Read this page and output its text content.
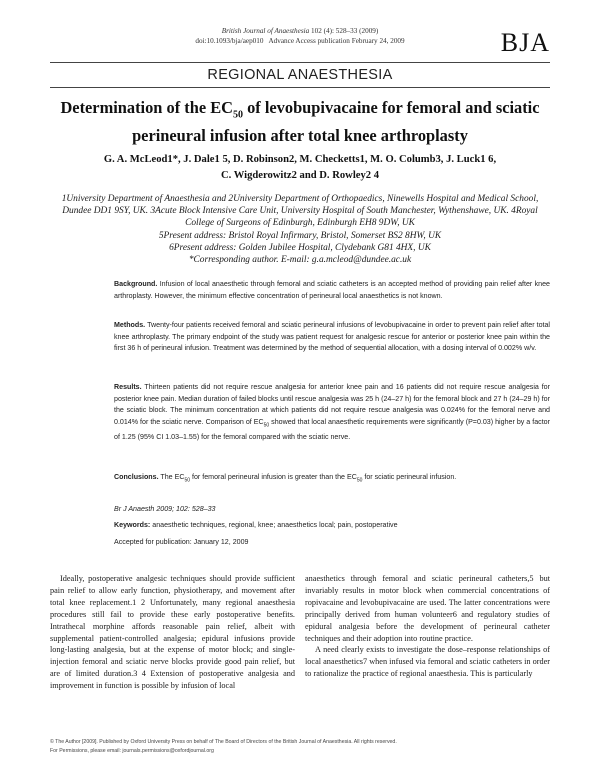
British Journal of Anaesthesia 102 (4): 528–33 (2009)
doi:10.1093/bja/aep010 Advance Access publication February 24, 2009	BJA
REGIONAL ANAESTHESIA
Determination of the $EC_{50}$ of levobupivacaine for femoral and sciatic perineural infusion after total knee arthroplasty
G. A. McLeod1*, J. Dale1 5, D. Robinson2, M. Checketts1, M. O. Columb3, J. Luck1 6,
C. Wigderowitz2 and D. Rowley2 4
1University Department of Anaesthesia and 2University Department of Orthopaedics, Ninewells Hospital and Medical School, Dundee DD1 9SY, UK. 3Acute Block Intensive Care Unit, University Hospital of South Manchester, Wythenshawe, UK. 4Royal College of Surgeons of Edinburgh, Edinburgh EH8 9DW, UK
5Present address: Bristol Royal Infirmary, Bristol, Somerset BS2 8HW, UK
6Present address: Golden Jubilee Hospital, Clydebank G81 4HX, UK
*Corresponding author. E-mail: g.a.mcleod@dundee.ac.uk
Background. Infusion of local anaesthetic through femoral and sciatic catheters is an accepted method of providing pain relief after knee arthroplasty. However, the minimum effective concentration of perineural local anaesthetics is not known.
Methods. Twenty-four patients received femoral and sciatic perineural infusions of levobupivacaine in order to prevent pain relief after total knee arthroplasty. The primary endpoint of the study was patient request for analgesic rescue for anterior or posterior knee pain within the first 36 h of perineural infusion. Treatment was determined by the method of sequential allocation, with a dosing interval of 0.002% w/v.
Results. Thirteen patients did not require rescue analgesia for anterior knee pain and 16 patients did not require rescue analgesia for posterior knee pain. Median duration of failed blocks until rescue analgesia was 25 h (24–27 h) for the femoral block and 27 h (24–29 h) for the sciatic block. The minimum concentration at which patients did not require rescue analgesia was 0.024% for the femoral nerve and 0.014% for the sciatic nerve. Comparison of $EC_{50}$ showed that local anaesthetic requirements were significantly (P=0.03) higher by a factor of 1.25 (95% CI 1.03–1.55) for the femoral compared with the sciatic nerve.
Conclusions. The $EC_{50}$ for femoral perineural infusion is greater than the $EC_{50}$ for sciatic perineural infusion.
Br J Anaesth 2009; 102: 528–33
Keywords: anaesthetic techniques, regional, knee; anaesthetics local; pain, postoperative
Accepted for publication: January 12, 2009

Ideally, postoperative analgesic techniques should provide sufficient pain relief to allow early function, physiotherapy, and movement after total knee replacement.1 2 Unfortunately, many regional anaesthesia procedures still fail to provide these early postoperative benefits. Intrathecal morphine affords reasonable pain relief, albeit with supplemental patient-controlled analgesia; epidural infusions provide long-lasting analgesia, but at the expense of motor block; and single-injection femoral and sciatic nerve blocks provide good pain relief, but are of limited duration.3 4 Extension of postoperative analgesia and improvement in function is possible by infusion of local

anaesthetics through femoral and sciatic perineural catheters,5 but invariably results in motor block when commercial concentrations of ropivacaine and levobupivacaine are used. The latter concentrations were principally derived from human volunteer6 and regulatory studies of epidural analgesia before the development of perineural catheter techniques and their adoption into routine practice.

A need clearly exists to investigate the dose–response relationships of local anaesthetics7 when infused via femoral and sciatic catheters in order to rationalize the practice of regional anaesthesia. This is particularly

© The Author [2009]. Published by Oxford University Press on behalf of The Board of Directors of the British Journal of Anaesthesia. All rights reserved.
For Permissions, please email: journals.permissions@oxfordjournal.org
